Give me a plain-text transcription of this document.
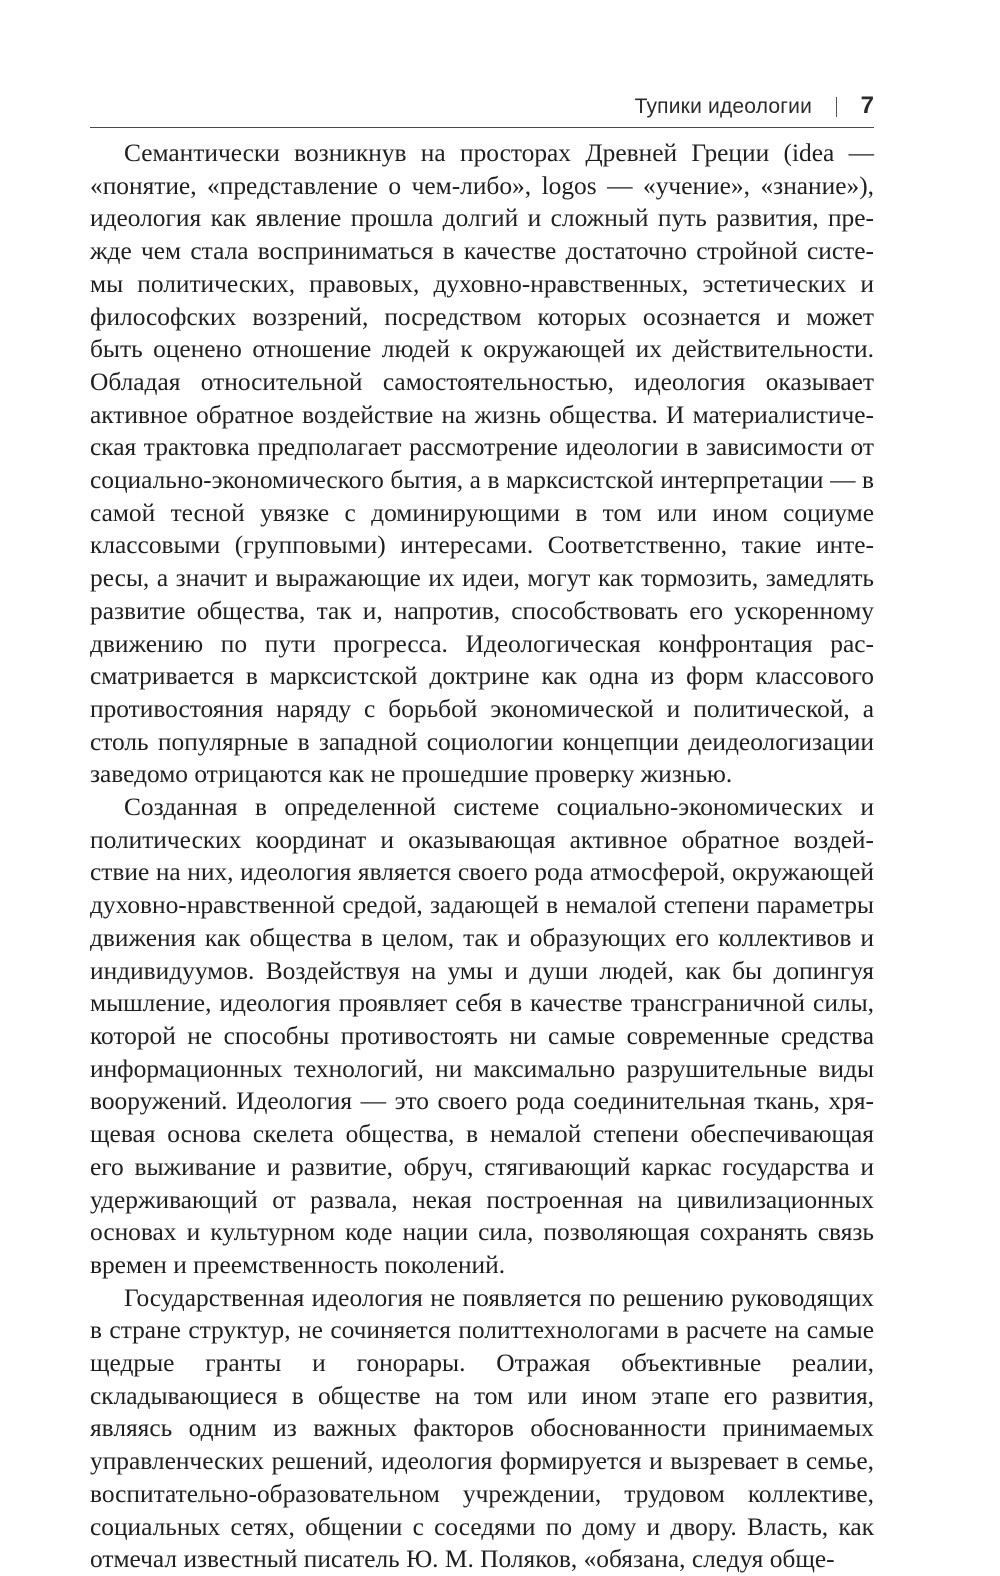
Тупики идеологии 7

Семантически возникнув на просторах Древней Греции (idea — «понятие, «представление о чем-либо», logos — «учение», «знание»), идеология как явление прошла долгий и сложный путь развития, прежде чем стала восприниматься в качестве достаточно стройной системы политических, правовых, духовно-нравственных, эстетических и философских воззрений, посредством которых осознается и может быть оценено отношение людей к окружающей их действительности. Обладая относительной самостоятельностью, идеология оказывает активное обратное воздействие на жизнь общества. И материалистическая трактовка предполагает рассмотрение идеологии в зависимости от социально-экономического бытия, а в марксистской интерпретации — в самой тесной увязке с доминирующими в том или ином социуме классовыми (групповыми) интересами. Соответственно, такие интересы, а значит и выражающие их идеи, могут как тормозить, замедлять развитие общества, так и, напротив, способствовать его ускоренному движению по пути прогресса. Идеологическая конфронтация рассматривается в марксистской доктрине как одна из форм классового противостояния наряду с борьбой экономической и политической, а столь популярные в западной социологии концепции деидеологизации заведомо отрицаются как не прошедшие проверку жизнью.

Созданная в определенной системе социально-экономических и политических координат и оказывающая активное обратное воздействие на них, идеология является своего рода атмосферой, окружающей духовно-нравственной средой, задающей в немалой степени параметры движения как общества в целом, так и образующих его коллективов и индивидуумов. Воздействуя на умы и души людей, как бы допингуя мышление, идеология проявляет себя в качестве трансграничной силы, которой не способны противостоять ни самые современные средства информационных технологий, ни максимально разрушительные виды вооружений. Идеология — это своего рода соединительная ткань, хрящевая основа скелета общества, в немалой степени обеспечивающая его выживание и развитие, обруч, стягивающий каркас государства и удерживающий от развала, некая построенная на цивилизационных основах и культурном коде нации сила, позволяющая сохранять связь времен и преемственность поколений.

Государственная идеология не появляется по решению руководящих в стране структур, не сочиняется политтехнологами в расчете на самые щедрые гранты и гонорары. Отражая объективные реалии, складывающиеся в обществе на том или ином этапе его развития, являясь одним из важных факторов обоснованности принимаемых управленческих решений, идеология формируется и вызревает в семье, воспитательно-образовательном учреждении, трудовом коллективе, социальных сетях, общении с соседями по дому и двору. Власть, как отмечал известный писатель Ю. М. Поляков, «обязана, следуя обще-
